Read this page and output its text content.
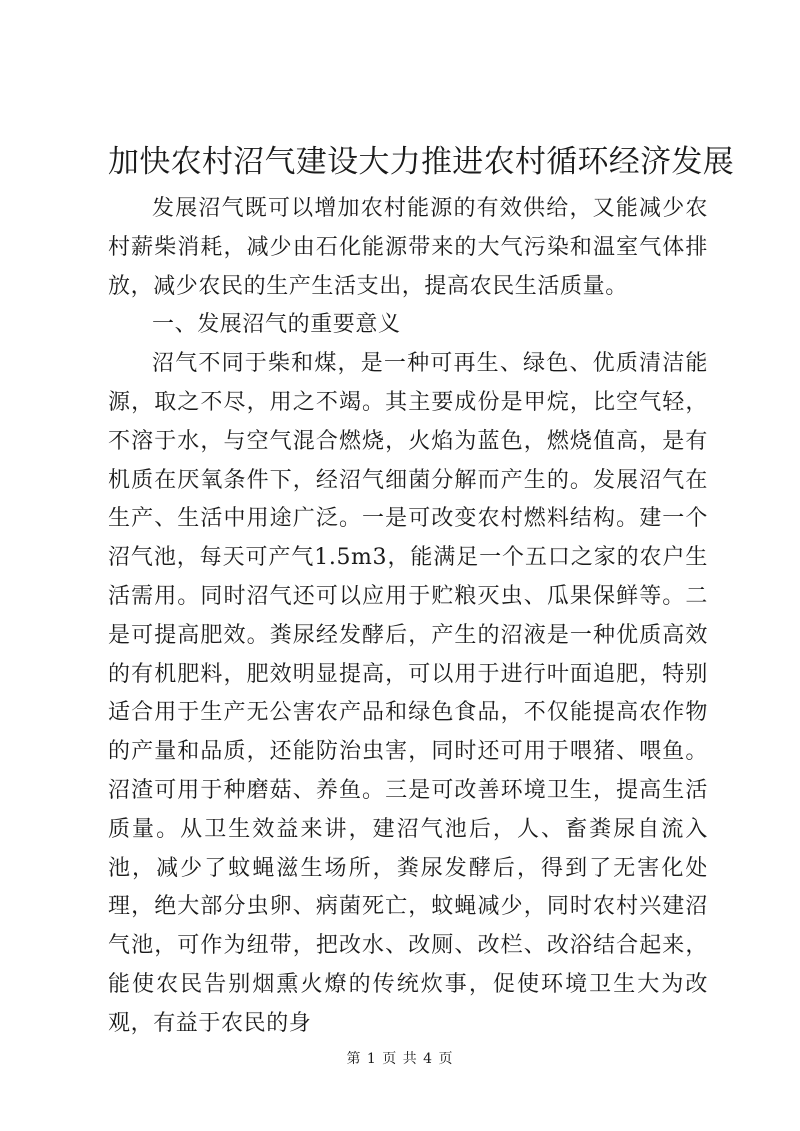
加快农村沼气建设大力推进农村循环经济发展

发展沼气既可以增加农村能源的有效供给，又能减少农村薪柴消耗，减少由石化能源带来的大气污染和温室气体排放，减少农民的生产生活支出，提高农民生活质量。

一、发展沼气的重要意义

沼气不同于柴和煤，是一种可再生、绿色、优质清洁能源，取之不尽，用之不竭。其主要成份是甲烷，比空气轻，不溶于水，与空气混合燃烧，火焰为蓝色，燃烧值高，是有机质在厌氧条件下，经沼气细菌分解而产生的。发展沼气在生产、生活中用途广泛。一是可改变农村燃料结构。建一个沼气池，每天可产气1.5m3，能满足一个五口之家的农户生活需用。同时沼气还可以应用于贮粮灭虫、瓜果保鲜等。二是可提高肥效。粪尿经发酵后，产生的沼液是一种优质高效的有机肥料，肥效明显提高，可以用于进行叶面追肥，特别适合用于生产无公害农产品和绿色食品，不仅能提高农作物的产量和品质，还能防治虫害，同时还可用于喂猪、喂鱼。沼渣可用于种磨菇、养鱼。三是可改善环境卫生，提高生活质量。从卫生效益来讲，建沼气池后，人、畜粪尿自流入池，减少了蚊蝇滋生场所，粪尿发酵后，得到了无害化处理，绝大部分虫卵、病菌死亡，蚊蝇减少，同时农村兴建沼气池，可作为纽带，把改水、改厕、改栏、改浴结合起来，能使农民告别烟熏火燎的传统炊事，促使环境卫生大为改观，有益于农民的身

第 1 页 共 4 页
